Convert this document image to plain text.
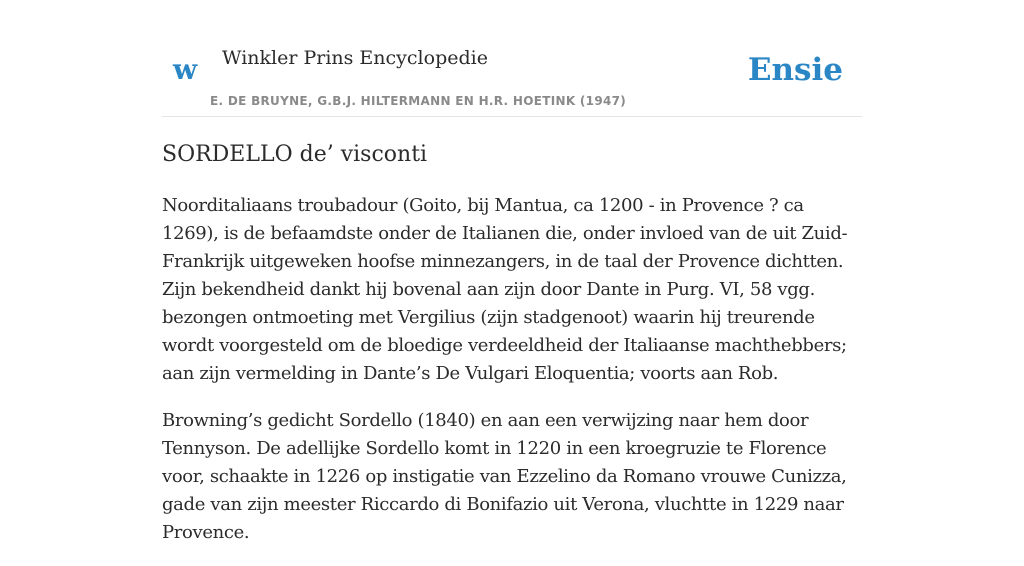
w Winkler Prins Encyclopedie
E. DE BRUYNE, G.B.J. HILTERMANN EN H.R. HOETINK (1947)
Ensie
SORDELLO de’ visconti

Noorditaliaans troubadour (Goito, bij Mantua, ca 1200 - in Provence ? ca 1269), is de befaamdste onder de Italianen die, onder invloed van de uit Zuid-Frankrijk uitgeweken hoofse minnezangers, in de taal der Provence dichtten. Zijn bekendheid dankt hij bovenal aan zijn door Dante in Purg. VI, 58 vgg. bezongen ontmoeting met Vergilius (zijn stadgenoot) waarin hij treurende wordt voorgesteld om de bloedige verdeeldheid der Italiaanse machthebbers; aan zijn vermelding in Dante’s De Vulgari Eloquentia; voorts aan Rob.

Browning’s gedicht Sordello (1840) en aan een verwijzing naar hem door Tennyson. De adellijke Sordello komt in 1220 in een kroegruzie te Florence voor, schaakte in 1226 op instigatie van Ezzelino da Romano vrouwe Cunizza, gade van zijn meester Riccardo di Bonifazio uit Verona, vluchtte in 1229 naar Provence.
